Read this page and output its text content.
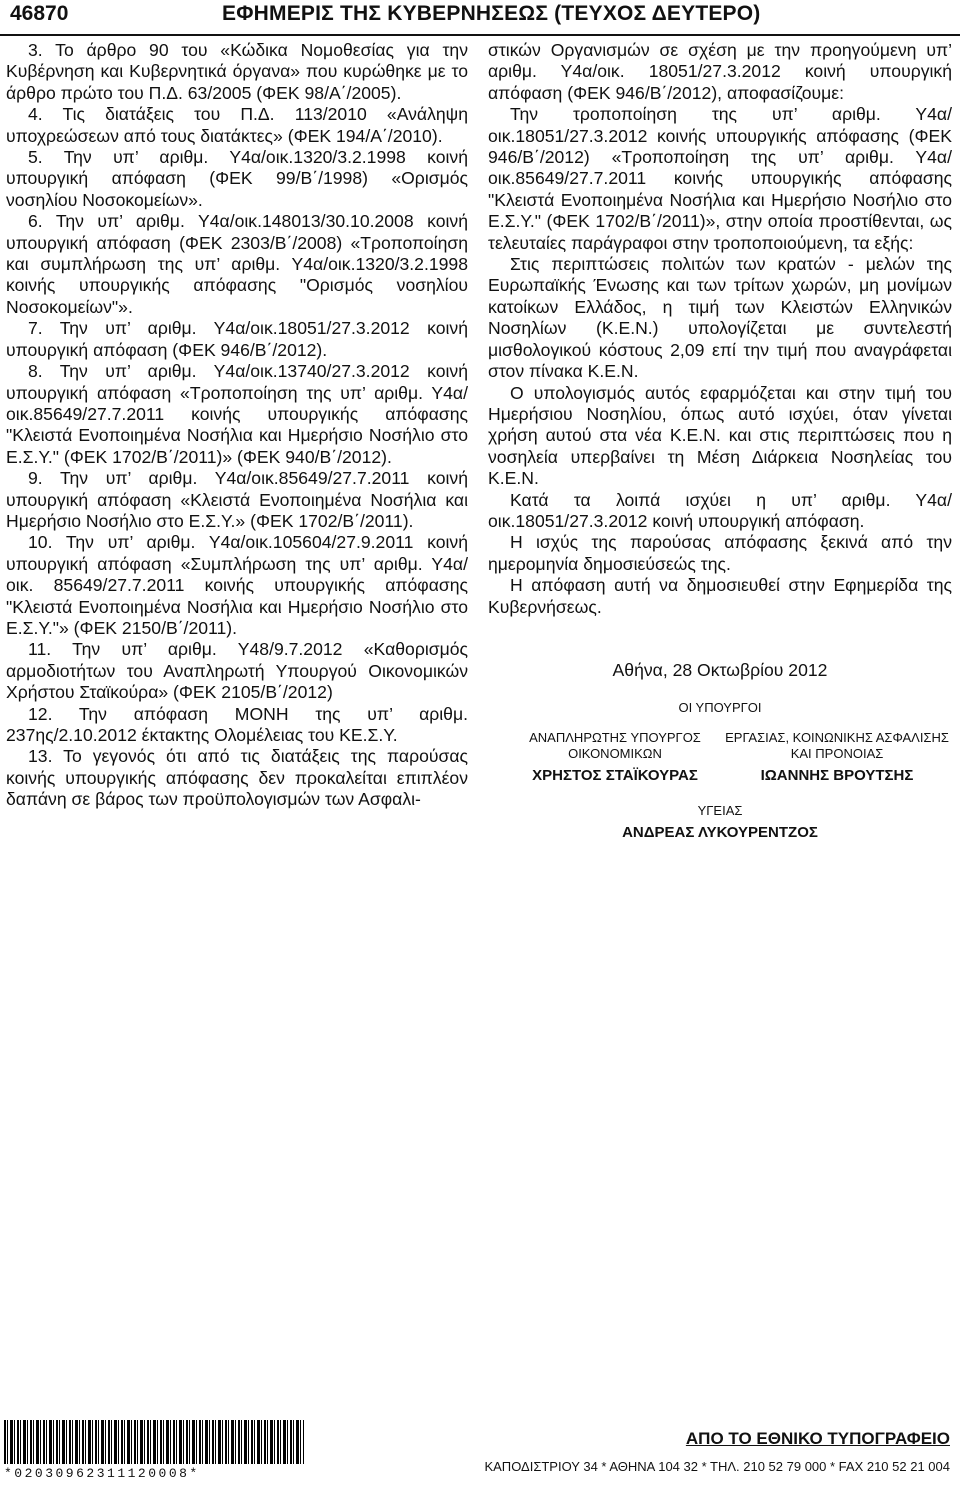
46870	ΕΦΗΜΕΡΙΣ ΤΗΣ ΚΥΒΕΡΝΗΣΕΩΣ (ΤΕΥΧΟΣ ΔΕΥΤΕΡΟ)

3. Το άρθρο 90 του «Κώδικα Νομοθεσίας για την Κυβέρνηση και Κυβερνητικά όργανα» που κυρώθηκε με το άρθρο πρώτο του Π.Δ. 63/2005 (ΦΕΚ 98/Α΄/2005).

4. Τις διατάξεις του Π.Δ. 113/2010 «Ανάληψη υποχρεώσεων από τους διατάκτες» (ΦΕΚ 194/Α΄/2010).

5. Την υπ’ αριθμ. Υ4α/οικ.1320/3.2.1998 κοινή υπουργική απόφαση (ΦΕΚ 99/Β΄/1998) «Ορισμός νοσηλίου Νοσοκομείων».

6. Την υπ’ αριθμ. Υ4α/οικ.148013/30.10.2008 κοινή υπουργική απόφαση (ΦΕΚ 2303/Β΄/2008) «Τροποποίηση και συμπλήρωση της υπ’ αριθμ. Υ4α/οικ.1320/3.2.1998 κοινής υπουργικής απόφασης "Ορισμός νοσηλίου Νοσοκομείων"».

7. Την υπ’ αριθμ. Υ4α/οικ.18051/27.3.2012 κοινή υπουργική απόφαση (ΦΕΚ 946/Β΄/2012).

8. Την υπ’ αριθμ. Υ4α/οικ.13740/27.3.2012 κοινή υπουργική απόφαση «Τροποποίηση της υπ’ αριθμ. Υ4α/οικ.85649/27.7.2011 κοινής υπουργικής απόφασης "Κλειστά Ενοποιημένα Νοσήλια και Ημερήσιο Νοσήλιο στο Ε.Σ.Υ." (ΦΕΚ 1702/Β΄/2011)» (ΦΕΚ 940/Β΄/2012).

9. Την υπ’ αριθμ. Υ4α/οικ.85649/27.7.2011 κοινή υπουργική απόφαση «Κλειστά Ενοποιημένα Νοσήλια και Ημερήσιο Νοσήλιο στο Ε.Σ.Υ.» (ΦΕΚ 1702/Β΄/2011).

10. Την υπ’ αριθμ. Υ4α/οικ.105604/27.9.2011 κοινή υπουργική απόφαση «Συμπλήρωση της υπ’ αριθμ. Υ4α/οικ. 85649/27.7.2011 κοινής υπουργικής απόφασης "Κλειστά Ενοποιημένα Νοσήλια και Ημερήσιο Νοσήλιο στο Ε.Σ.Υ."» (ΦΕΚ 2150/Β΄/2011).

11. Την υπ’ αριθμ. Υ48/9.7.2012 «Καθορισμός αρμοδιοτήτων του Αναπληρωτή Υπουργού Οικονομικών Χρήστου Σταϊκούρα» (ΦΕΚ 2105/Β΄/2012)

12. Την απόφαση ΜΟΝΗ της υπ’ αριθμ. 237ης/2.10.2012 έκτακτης Ολομέλειας του ΚΕ.Σ.Υ.

13. Το γεγονός ότι από τις διατάξεις της παρούσας κοινής υπουργικής απόφασης δεν προκαλείται επιπλέον δαπάνη σε βάρος των προϋπολογισμών των Ασφαλι-

στικών Οργανισμών σε σχέση με την προηγούμενη υπ’ αριθμ. Υ4α/οικ. 18051/27.3.2012 κοινή υπουργική απόφαση (ΦΕΚ 946/Β΄/2012), αποφασίζουμε:

Την τροποποίηση της υπ’ αριθμ. Υ4α/οικ.18051/27.3.2012 κοινής υπουργικής απόφασης (ΦΕΚ 946/Β΄/2012) «Τροποποίηση της υπ’ αριθμ. Υ4α/οικ.85649/27.7.2011 κοινής υπουργικής απόφασης "Κλειστά Ενοποιημένα Νοσήλια και Ημερήσιο Νοσήλιο στο Ε.Σ.Υ." (ΦΕΚ 1702/Β΄/2011)», στην οποία προστίθενται, ως τελευταίες παράγραφοι στην τροποποιούμενη, τα εξής:

Στις περιπτώσεις πολιτών των κρατών - μελών της Ευρωπαϊκής Ένωσης και των τρίτων χωρών, μη μονίμων κατοίκων Ελλάδος, η τιμή των Κλειστών Ελληνικών Νοσηλίων (Κ.Ε.Ν.) υπολογίζεται με συντελεστή μισθολογικού κόστους 2,09 επί την τιμή που αναγράφεται στον πίνακα Κ.Ε.Ν.

Ο υπολογισμός αυτός εφαρμόζεται και στην τιμή του Ημερήσιου Νοσηλίου, όπως αυτό ισχύει, όταν γίνεται χρήση αυτού στα νέα Κ.Ε.Ν. και στις περιπτώσεις που η νοσηλεία υπερβαίνει τη Μέση Διάρκεια Νοσηλείας του Κ.Ε.Ν.

Κατά τα λοιπά ισχύει η υπ’ αριθμ. Υ4α/οικ.18051/27.3.2012 κοινή υπουργική απόφαση.

Η ισχύς της παρούσας απόφασης ξεκινά από την ημερομηνία δημοσιεύσεώς της.

Η απόφαση αυτή να δημοσιευθεί στην Εφημερίδα της Κυβερνήσεως.

Αθήνα, 28 Οκτωβρίου 2012
ΟΙ ΥΠΟΥΡΓΟΙ
ΑΝΑΠΛΗΡΩΤΗΣ ΥΠΟΥΡΓΟΣ
ΟΙΚΟΝΟΜΙΚΩΝ
ΧΡΗΣΤΟΣ ΣΤΑΪΚΟΥΡΑΣ
ΕΡΓΑΣΙΑΣ, ΚΟΙΝΩΝΙΚΗΣ ΑΣΦΑΛΙΣΗΣ
ΚΑΙ ΠΡΟΝΟΙΑΣ
ΙΩΑΝΝΗΣ ΒΡΟΥΤΣΗΣ
ΥΓΕΙΑΣ
ΑΝΔΡΕΑΣ ΛΥΚΟΥΡΕΝΤΖΟΣ
*02030962311120008*
ΑΠΟ ΤΟ ΕΘΝΙΚΟ ΤΥΠΟΓΡΑΦΕΙΟ
ΚΑΠΟΔΙΣΤΡΙΟΥ 34 * ΑΘΗΝΑ 104 32 * ΤΗΛ. 210 52 79 000 * FAX 210 52 21 004
